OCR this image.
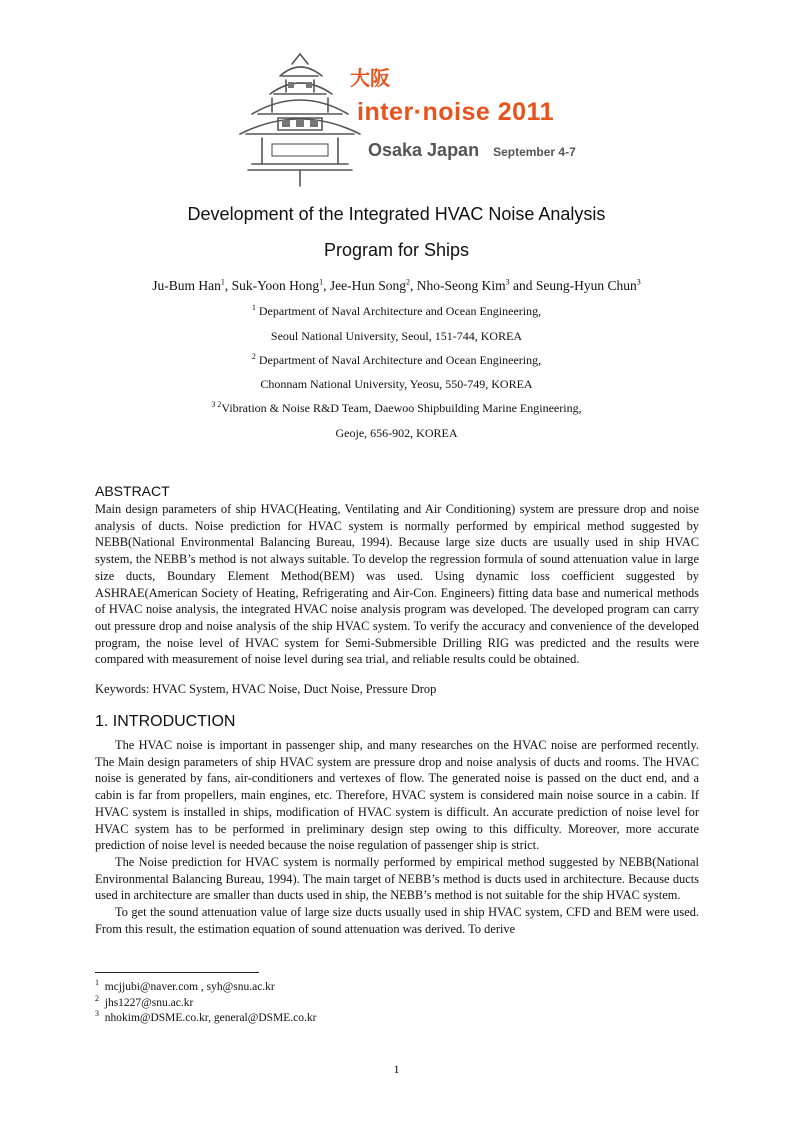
大阪
inter·noise 2011
Osaka Japan September 4-7
Development of the Integrated HVAC Noise Analysis
Program for Ships
Ju-Bum Han$^1$, Suk-Yoon Hong$^1$, Jee-Hun Song$^2$, Nho-Seong Kim$^3$ and Seung-Hyun Chun$^3$
$^1$ Department of Naval Architecture and Ocean Engineering,
Seoul National University, Seoul, 151-744, KOREA
$^2$ Department of Naval Architecture and Ocean Engineering,
Chonnam National University, Yeosu, 550-749, KOREA
$^{3 2}$Vibration & Noise R&D Team, Daewoo Shipbuilding Marine Engineering,
Geoje, 656-902, KOREA
ABSTRACT

Main design parameters of ship HVAC(Heating, Ventilating and Air Conditioning) system are pressure drop and noise analysis of ducts. Noise prediction for HVAC system is normally performed by empirical method suggested by NEBB(National Environmental Balancing Bureau, 1994). Because large size ducts are usually used in ship HVAC system, the NEBB’s method is not always suitable. To develop the regression formula of sound attenuation value in large size ducts, Boundary Element Method(BEM) was used. Using dynamic loss coefficient suggested by ASHRAE(American Society of Heating, Refrigerating and Air-Con. Engineers) fitting data base and numerical methods of HVAC noise analysis, the integrated HVAC noise analysis program was developed. The developed program can carry out pressure drop and noise analysis of the ship HVAC system. To verify the accuracy and convenience of the developed program, the noise level of HVAC system for Semi-Submersible Drilling RIG was predicted and the results were compared with measurement of noise level during sea trial, and reliable results could be obtained.

Keywords: HVAC System, HVAC Noise, Duct Noise, Pressure Drop
1. INTRODUCTION

The HVAC noise is important in passenger ship, and many researches on the HVAC noise are performed recently. The Main design parameters of ship HVAC system are pressure drop and noise analysis of ducts and rooms. The HVAC noise is generated by fans, air-conditioners and vertexes of flow. The generated noise is passed on the duct end, and a cabin is far from propellers, main engines, etc. Therefore, HVAC system is considered main noise source in a cabin. If HVAC system is installed in ships, modification of HVAC system is difficult. An accurate prediction of noise level for HVAC system has to be performed in preliminary design step owing to this difficulty. Moreover, more accurate prediction of noise level is needed because the noise regulation of passenger ship is strict.

The Noise prediction for HVAC system is normally performed by empirical method suggested by NEBB(National Environmental Balancing Bureau, 1994). The main target of NEBB’s method is ducts used in architecture. Because ducts used in architecture are smaller than ducts used in ship, the NEBB’s method is not suitable for the ship HVAC system.

To get the sound attenuation value of large size ducts usually used in ship HVAC system, CFD and BEM were used. From this result, the estimation equation of sound attenuation was derived. To derive

$^1$ mcjjubi@naver.com , syh@snu.ac.kr
$^2$ jhs1227@snu.ac.kr
$^3$ nhokim@DSME.co.kr, general@DSME.co.kr
1
